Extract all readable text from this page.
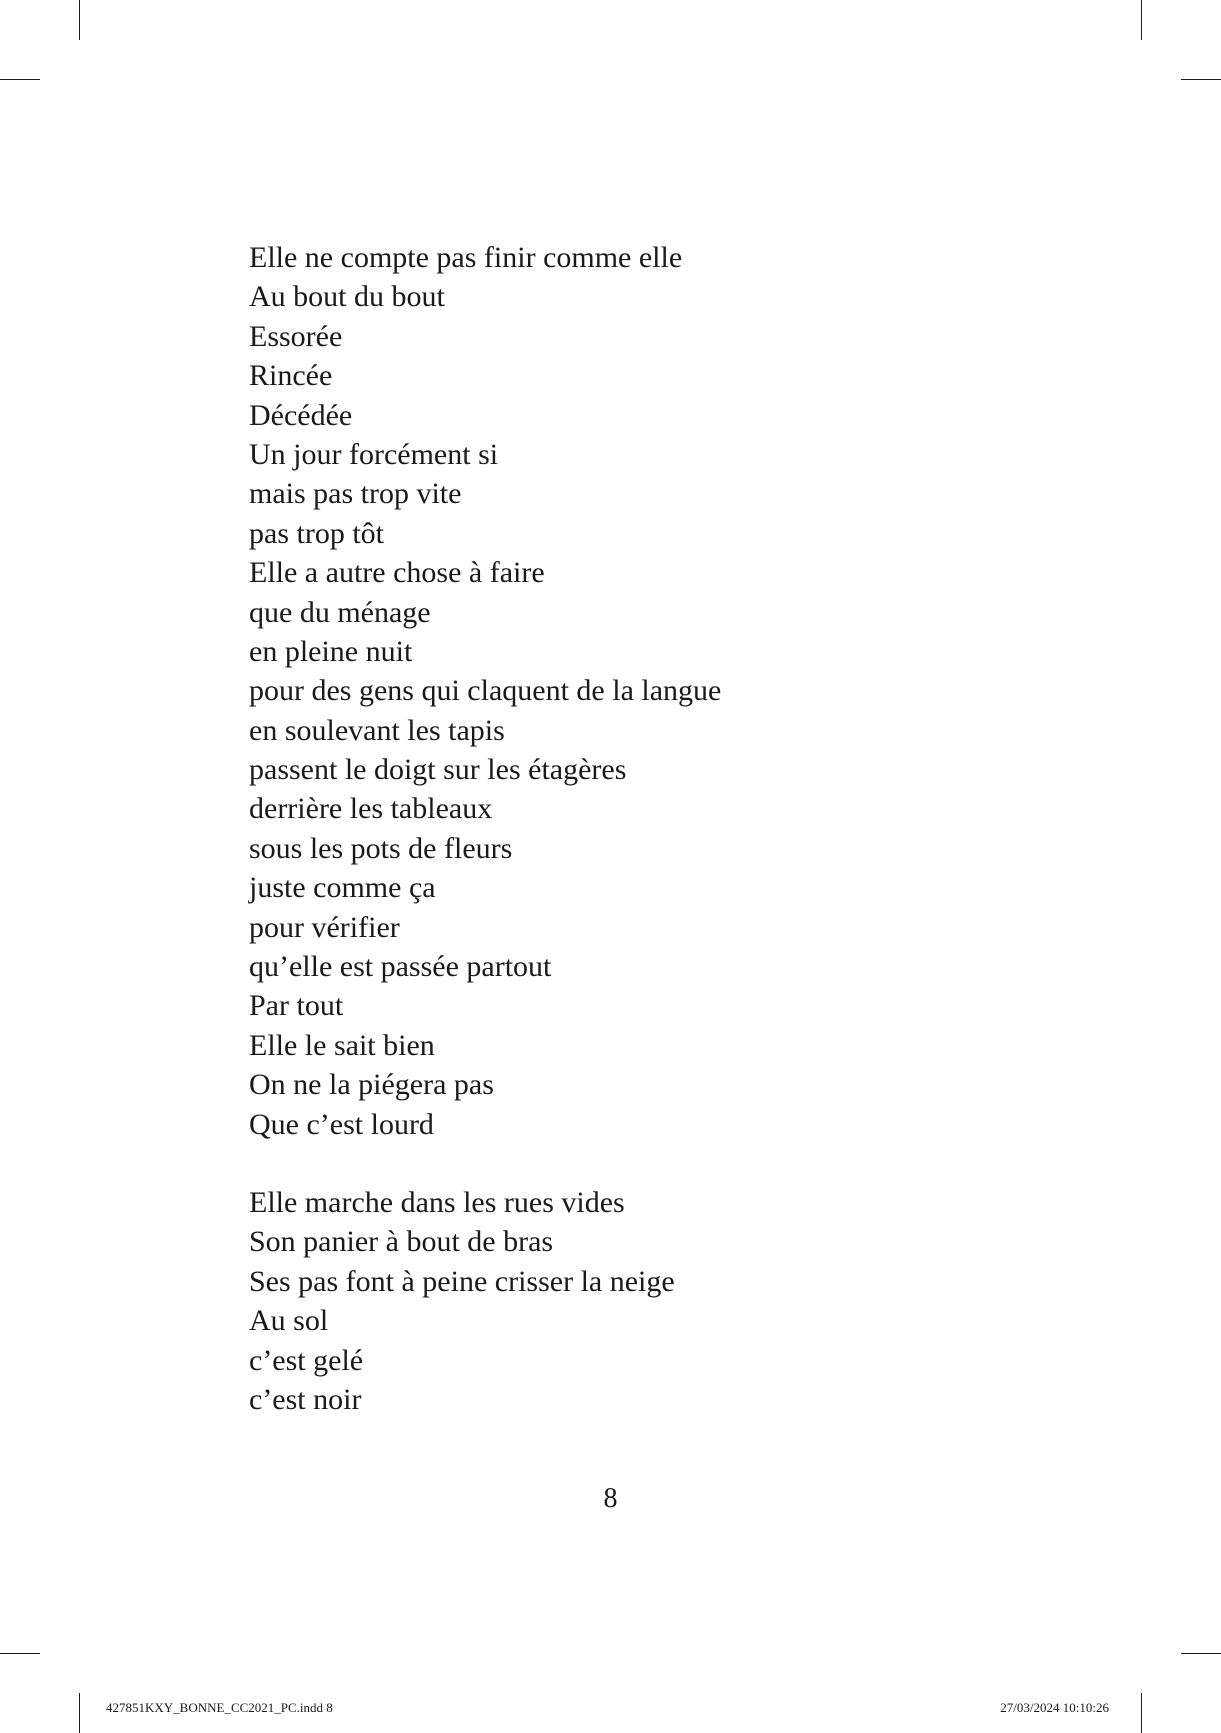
Elle ne compte pas finir comme elle
Au bout du bout
Essorée
Rincée
Décédée
Un jour forcément si
mais pas trop vite
pas trop tôt
Elle a autre chose à faire
que du ménage
en pleine nuit
pour des gens qui claquent de la langue
en soulevant les tapis
passent le doigt sur les étagères
derrière les tableaux
sous les pots de fleurs
juste comme ça
pour vérifier
qu’elle est passée partout
Par tout
Elle le sait bien
On ne la piégera pas
Que c’est lourd
Elle marche dans les rues vides
Son panier à bout de bras
Ses pas font à peine crisser la neige
Au sol
c’est gelé
c’est noir
8
427851KXY_BONNE_CC2021_PC.indd 8	27/03/2024 10:10:26
